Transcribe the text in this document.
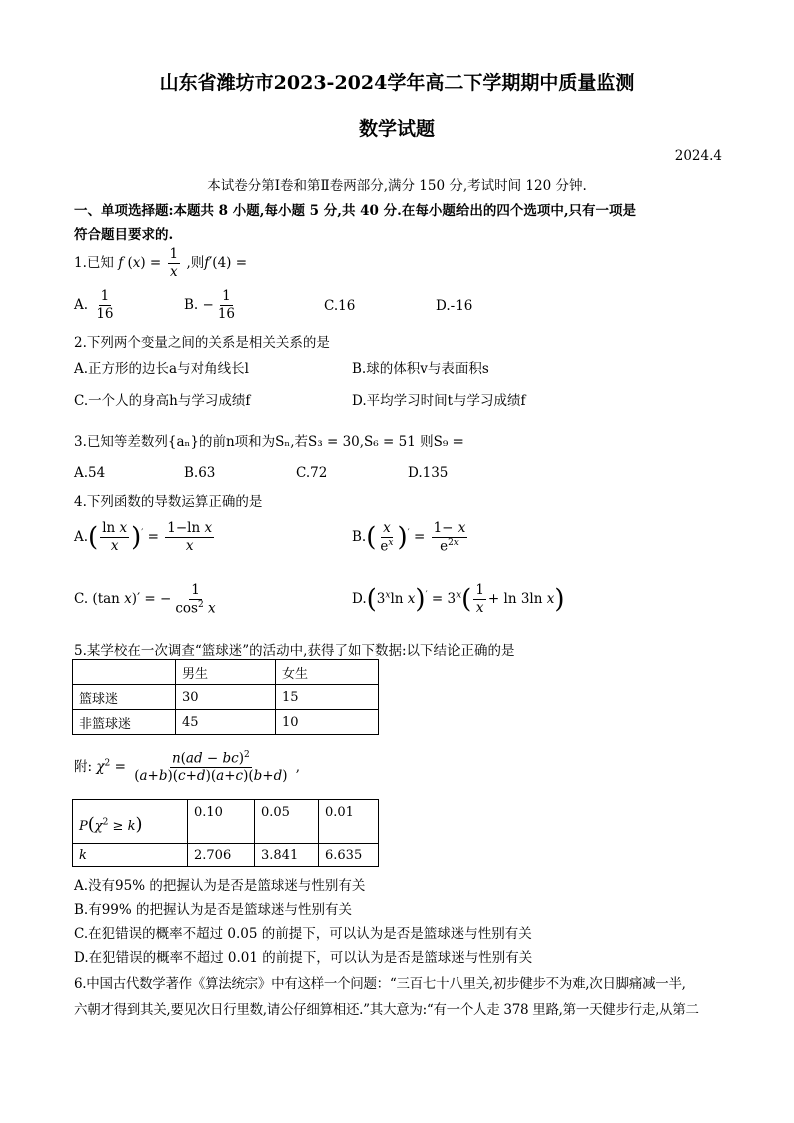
山东省潍坊市2023-2024学年高二下学期期中质量监测
数学试题
2024.4
本试卷分第Ⅰ卷和第Ⅱ卷两部分,满分 150 分,考试时间 120 分钟.
一、单项选择题:本题共 8 小题,每小题 5 分,共 40 分.在每小题给出的四个选项中,只有一项是
符合题目要求的.
1.已知 f $(x) = \frac{1}{x}$ ,则f′(4) =
A. $\frac{1}{16}$	B. − $\frac{1}{16}$	C.16	D.-16
2.下列两个变量之间的关系是相关关系的是
A.正方形的边长a与对角线长l	B.球的体积v与表面积s
C.一个人的身高h与学习成绩f	D.平均学习时间t与学习成绩f
3.已知等差数列{aₙ}的前n项和为Sₙ,若S₃ = 30,S₆ = 51 则S₉ =
A.54	B.63	C.72	D.135
4.下列函数的导数运算正确的是
$A.( \frac{\text{ln x}}{x} )' = \frac{\text{1−ln x}}{x}$	$B.( \frac{x}{e^x} )' = \frac{1- x}{e^{2x}}$
C. (tan x)′ = − $\frac{1}{\cos^2 x}$	D.(3$^x$ln $x)' = 3^x( \frac{1}{x} + \ln 3\ln$ x)
5.某学校在一次调查“篮球迷”的活动中,获得了如下数据:以下结论正确的是
	男生	女生
篮球迷	30	15
非篮球迷	45	10
附: $\chi^2 = \frac{n(ad - bc)^2}{(a+b)(c+d)(a+c)(b+d)}$ ,
$P(\chi^2 \ge k)$	0.10	0.05	0.01
k	2.706	3.841	6.635
A.没有95% 的把握认为是否是篮球迷与性别有关
B.有99% 的把握认为是否是篮球迷与性别有关
C.在犯错误的概率不超过 0.05 的前提下，可以认为是否是篮球迷与性别有关
D.在犯错误的概率不超过 0.01 的前提下，可以认为是否是篮球迷与性别有关
6.中国古代数学著作《算法统宗》中有这样一个问题：“三百七十八里关,初步健步不为难,次日脚痛减一半,
六朝才得到其关,要见次日行里数,请公仔细算相还.”其大意为:“有一个人走 378 里路,第一天健步行走,从第二
